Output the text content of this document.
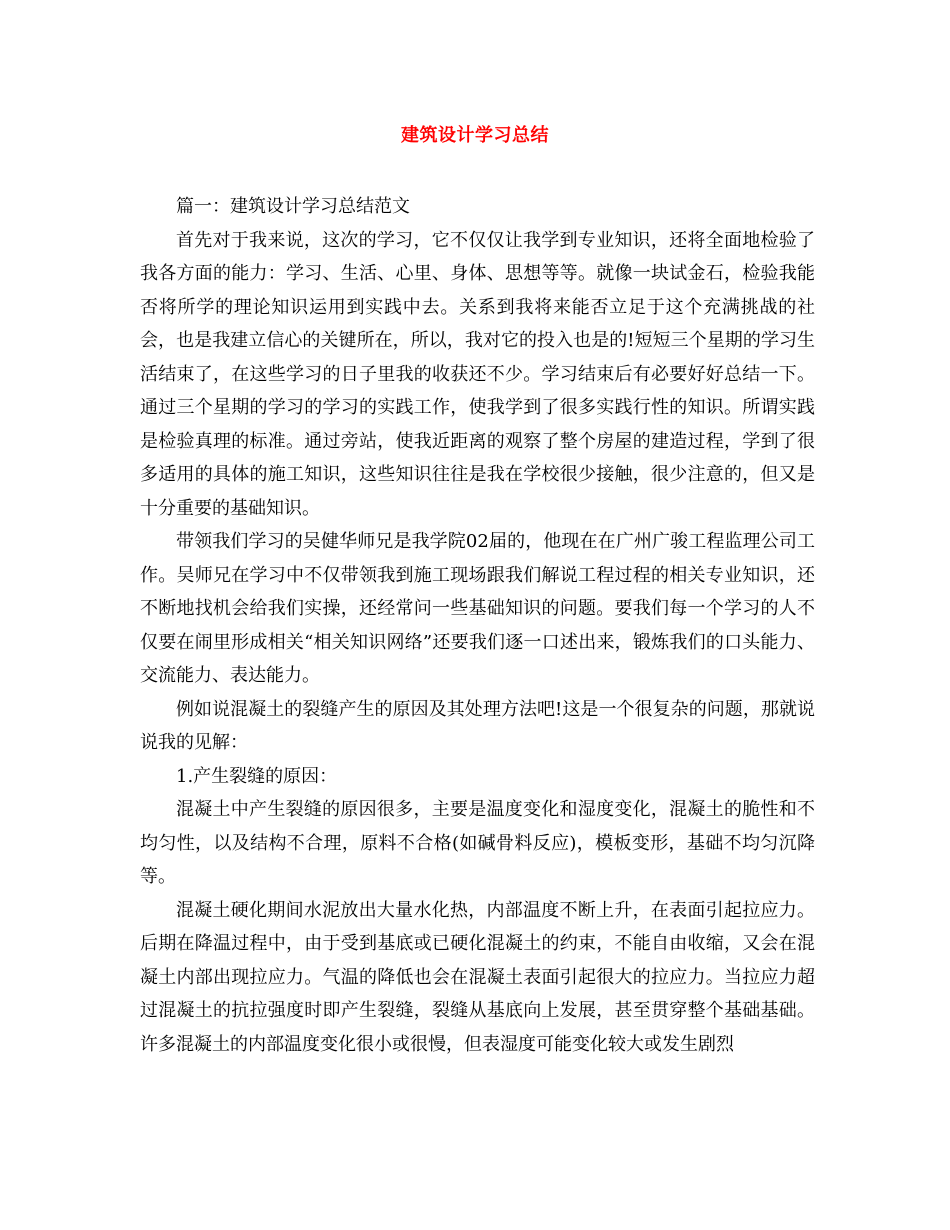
建筑设计学习总结

篇一：建筑设计学习总结范文

首先对于我来说，这次的学习，它不仅仅让我学到专业知识，还将全面地检验了我各方面的能力：学习、生活、心里、身体、思想等等。就像一块试金石，检验我能否将所学的理论知识运用到实践中去。关系到我将来能否立足于这个充满挑战的社会，也是我建立信心的关键所在，所以，我对它的投入也是的!短短三个星期的学习生活结束了，在这些学习的日子里我的收获还不少。学习结束后有必要好好总结一下。通过三个星期的学习的学习的实践工作，使我学到了很多实践行性的知识。所谓实践是检验真理的标准。通过旁站，使我近距离的观察了整个房屋的建造过程，学到了很多适用的具体的施工知识，这些知识往往是我在学校很少接触，很少注意的，但又是十分重要的基础知识。

带领我们学习的吴健华师兄是我学院02届的，他现在在广州广骏工程监理公司工作。吴师兄在学习中不仅带领我到施工现场跟我们解说工程过程的相关专业知识，还不断地找机会给我们实操，还经常问一些基础知识的问题。要我们每一个学习的人不仅要在闹里形成相关“相关知识网络”还要我们逐一口述出来，锻炼我们的口头能力、交流能力、表达能力。

例如说混凝土的裂缝产生的原因及其处理方法吧!这是一个很复杂的问题，那就说说我的见解：

1.产生裂缝的原因：

混凝土中产生裂缝的原因很多，主要是温度变化和湿度变化，混凝土的脆性和不均匀性，以及结构不合理，原料不合格(如碱骨料反应)，模板变形，基础不均匀沉降等。

混凝土硬化期间水泥放出大量水化热，内部温度不断上升，在表面引起拉应力。后期在降温过程中，由于受到基底或已硬化混凝土的约束，不能自由收缩，又会在混凝土内部出现拉应力。气温的降低也会在混凝土表面引起很大的拉应力。当拉应力超过混凝土的抗拉强度时即产生裂缝，裂缝从基底向上发展，甚至贯穿整个基础基础。许多混凝土的内部温度变化很小或很慢，但表湿度可能变化较大或发生剧烈
